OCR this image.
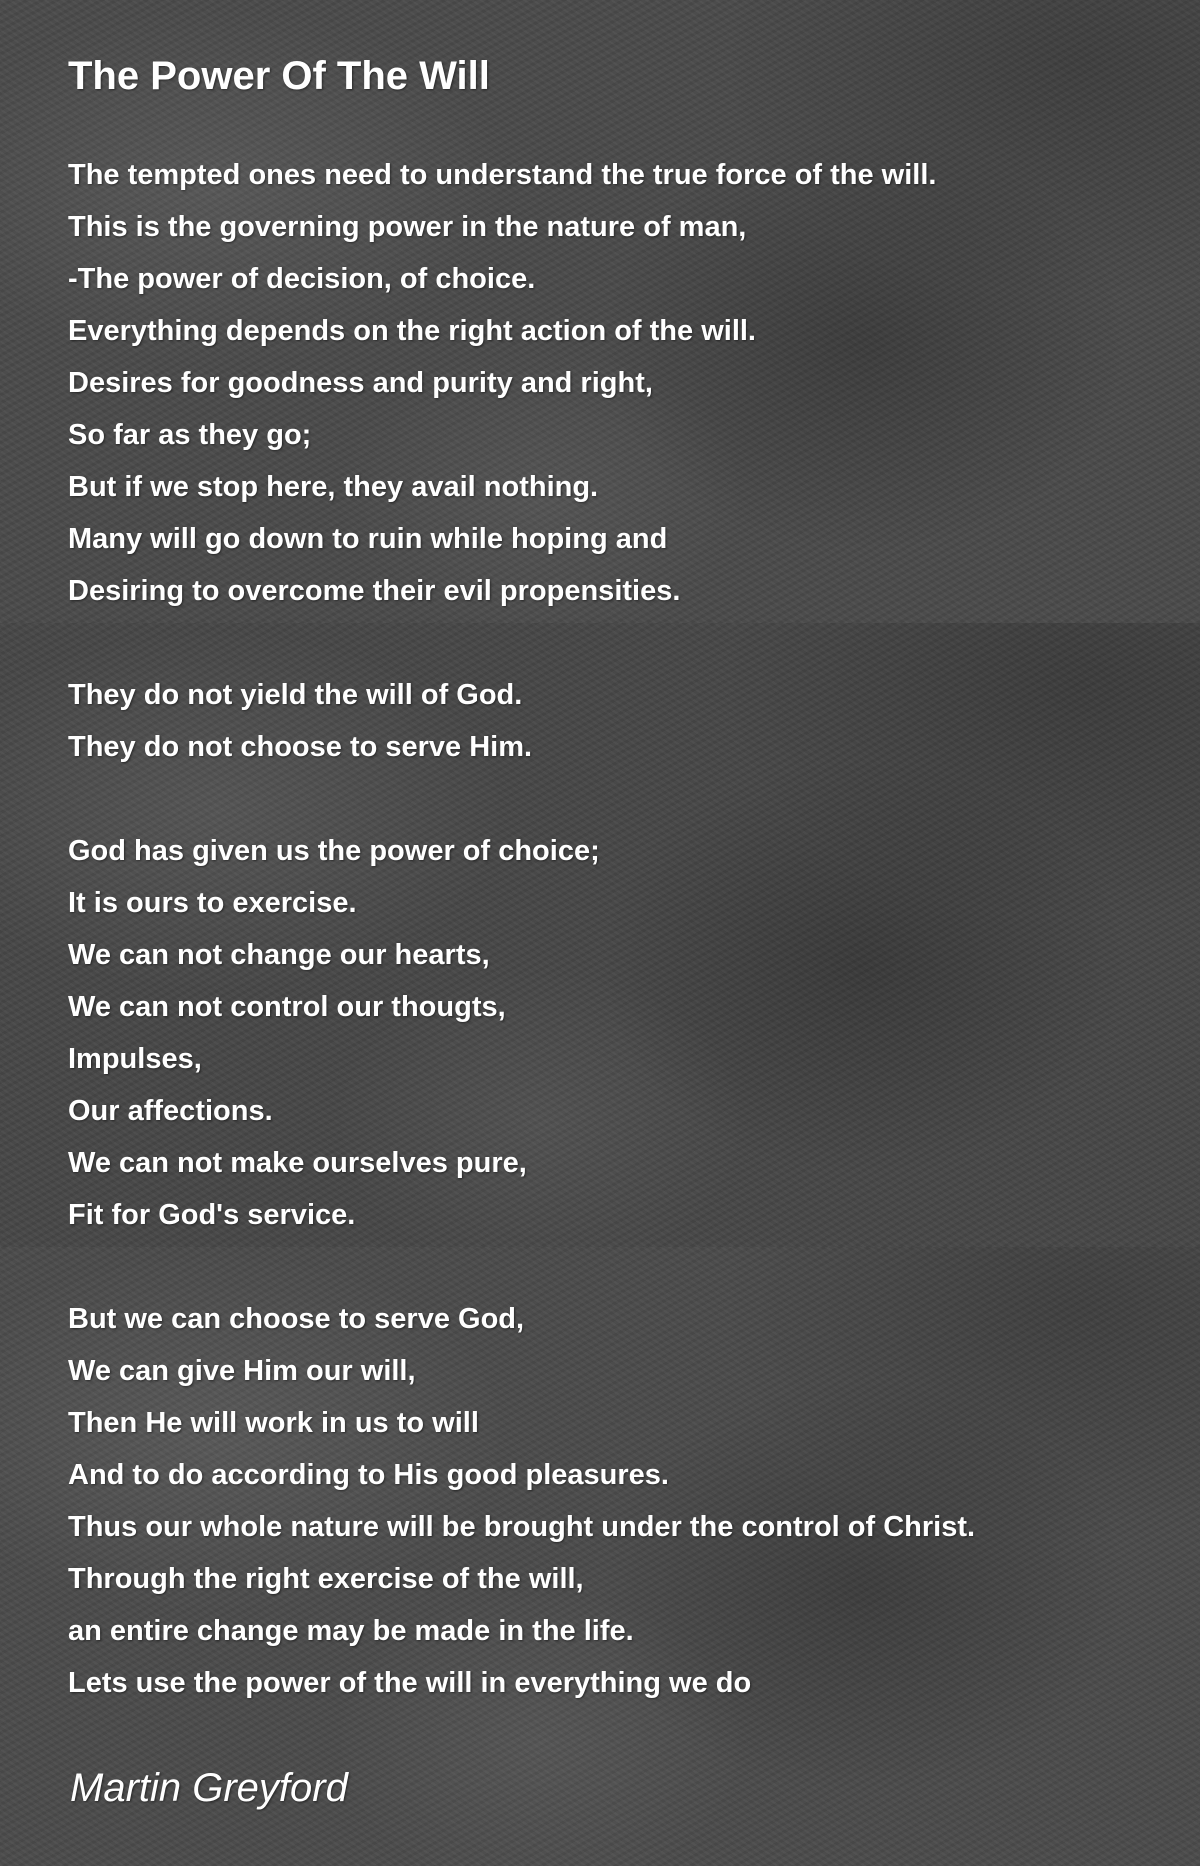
The Power Of The Will
The tempted ones need to understand the true force of the will.
This is the governing power in the nature of man,
-The power of decision, of choice.
Everything depends on the right action of the will.
Desires for goodness and purity and right,
So far as they go;
But if we stop here, they avail nothing.
Many will go down to ruin while hoping and
Desiring to overcome their evil propensities.
They do not yield the will of God.
They do not choose to serve Him.
God has given us the power of choice;
It is ours to exercise.
We can not change our hearts,
We can not control our thougts,
Impulses,
Our affections.
We can not make ourselves pure,
Fit for God's service.
But we can choose to serve God,
We can give Him our will,
Then He will work in us to will
And to do according to His good pleasures.
Thus our whole nature will be brought under the control of Christ.
Through the right exercise of the will,
an entire change may be made in the life.
Lets use the power of the will in everything we do
Martin Greyford
